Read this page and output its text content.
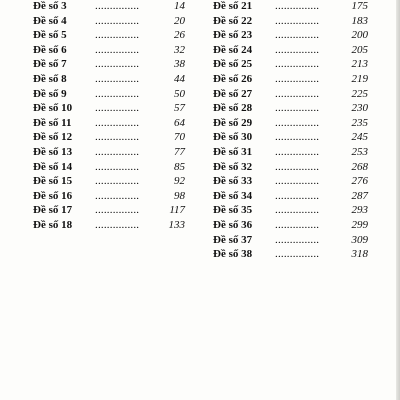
Đề số 3	...............	14
Đề số 4	...............	20
Đề số 5	...............	26
Đề số 6	...............	32
Đề số 7	...............	38
Đề số 8	...............	44
Đề số 9	...............	50
Đề số 10 ...............	57
Đề số 11 ...............	64
Đề số 12 ...............	70
Đề số 13 ...............	77
Đề số 14 ...............	85
Đề số 15 ...............	92
Đề số 16 ...............	98
Đề số 17 ...............	117
Đề số 18 ...............	133
Đề số 21 ...............	175
Đề số 22 ...............	183
Đề số 23 ...............	200
Đề số 24 ...............	205
Đề số 25 ...............	213
Đề số 26 ...............	219
Đề số 27 ...............	225
Đề số 28 ...............	230
Đề số 29 ...............	235
Đề số 30 ...............	245
Đề số 31 ...............	253
Đề số 32 ...............	268
Đề số 33 ...............	276
Đề số 34 ...............	287
Đề số 35 ...............	293
Đề số 36 ...............	299
Đề số 37 ...............	309
Đề số 38 ...............	318
